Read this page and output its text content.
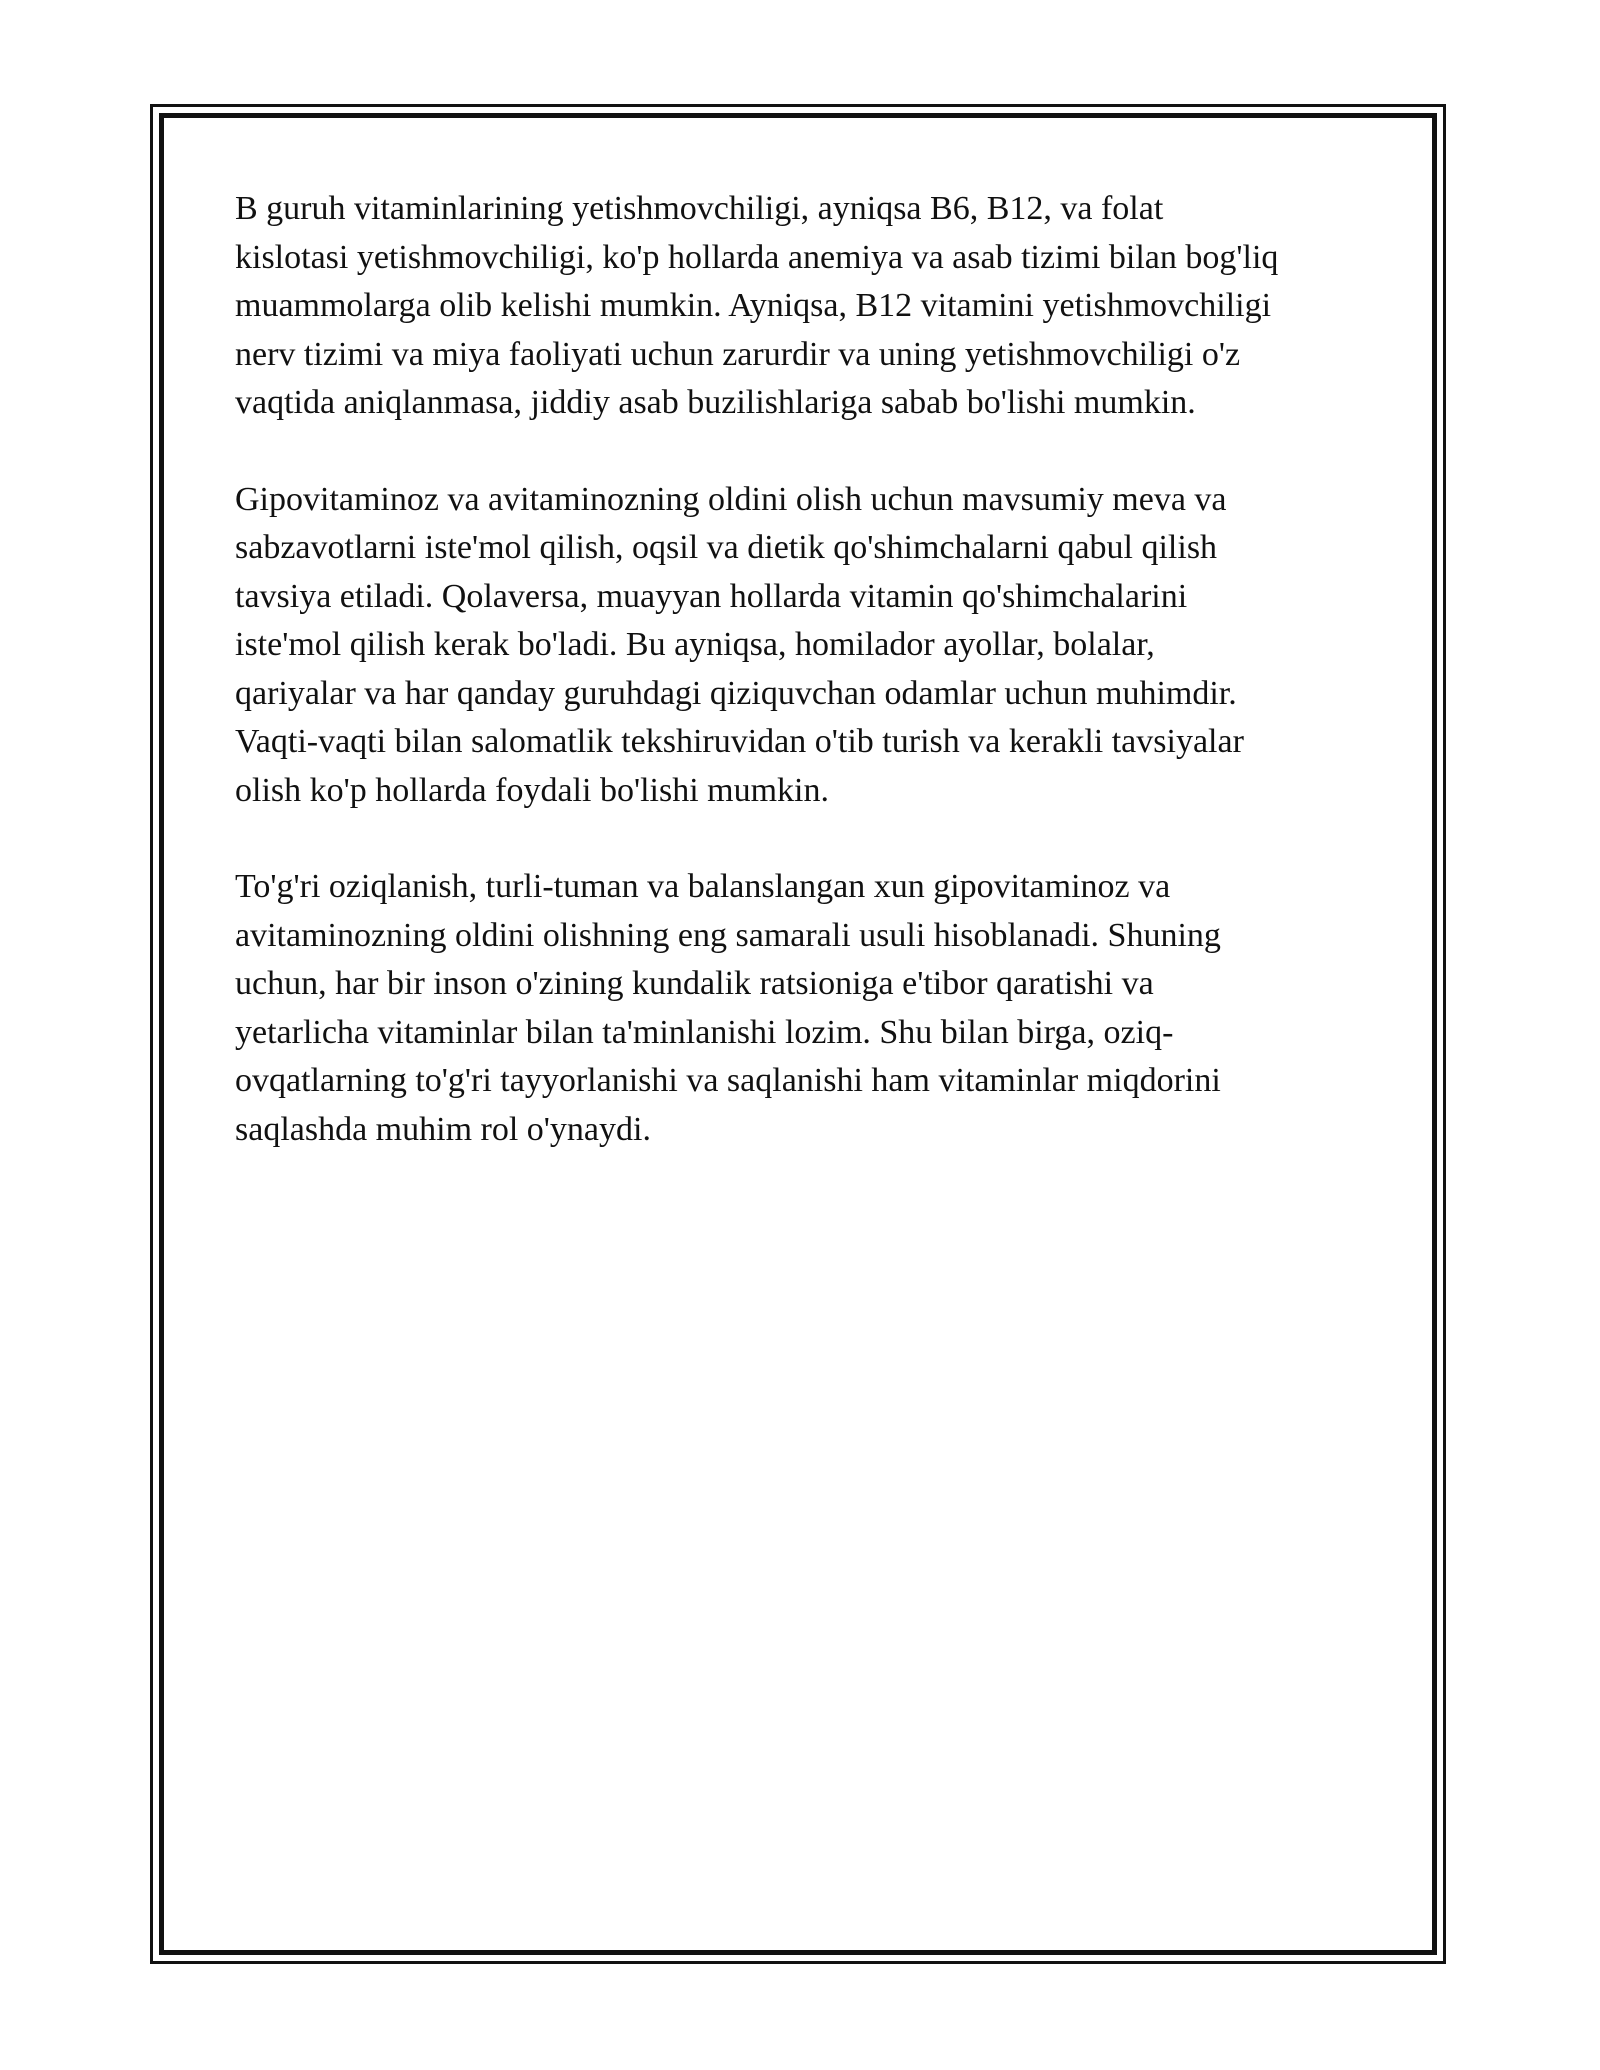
B guruh vitaminlarining yetishmovchiligi, ayniqsa B6, B12, va folat
kislotasi yetishmovchiligi, ko'p hollarda anemiya va asab tizimi bilan bog'liq
muammolarga olib kelishi mumkin. Ayniqsa, B12 vitamini yetishmovchiligi
nerv tizimi va miya faoliyati uchun zarurdir va uning yetishmovchiligi o'z
vaqtida aniqlanmasa, jiddiy asab buzilishlariga sabab bo'lishi mumkin.

Gipovitaminoz va avitaminozning oldini olish uchun mavsumiy meva va
sabzavotlarni iste'mol qilish, oqsil va dietik qo'shimchalarni qabul qilish
tavsiya etiladi. Qolaversa, muayyan hollarda vitamin qo'shimchalarini
iste'mol qilish kerak bo'ladi. Bu ayniqsa, homilador ayollar, bolalar,
qariyalar va har qanday guruhdagi qiziquvchan odamlar uchun muhimdir.
Vaqti-vaqti bilan salomatlik tekshiruvidan o'tib turish va kerakli tavsiyalar
olish ko'p hollarda foydali bo'lishi mumkin.

To'g'ri oziqlanish, turli-tuman va balanslangan xun gipovitaminoz va
avitaminozning oldini olishning eng samarali usuli hisoblanadi. Shuning
uchun, har bir inson o'zining kundalik ratsioniga e'tibor qaratishi va
yetarlicha vitaminlar bilan ta'minlanishi lozim. Shu bilan birga, oziq-
ovqatlarning to'g'ri tayyorlanishi va saqlanishi ham vitaminlar miqdorini
saqlashda muhim rol o'ynaydi.
